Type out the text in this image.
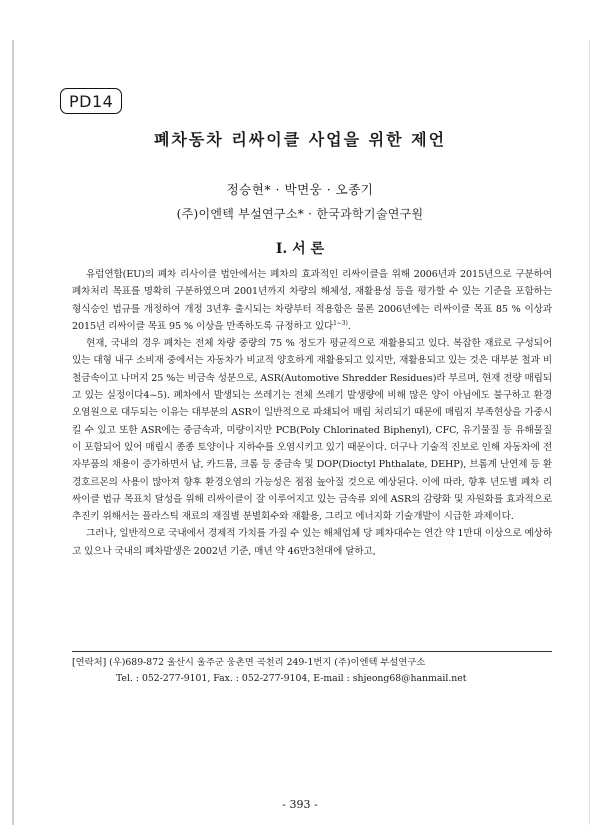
PD14
폐차동차 리싸이클 사업을 위한 제언
정승현* · 박면웅 · 오종기
(주)이엔텍 부설연구소* · 한국과학기술연구원
I. 서 론

유럽연합(EU)의 폐차 리사이클 법안에서는 폐차의 효과적인 리싸이클을 위해 2006년과 2015년으로 구분하여 폐차처리 목표를 명확히 구분하였으며 2001년까지 차량의 해체성, 재활용성 등을 평가할 수 있는 기준을 포함하는 형식승인 법규를 개정하여 개정 3년후 출시되는 차량부터 적용함은 물론 2006년에는 리싸이클 목표 85 % 이상과 2015년 리싸이클 목표 95 % 이상을 만족하도록 규정하고 있다$^{1\sim 3)}$.

현재, 국내의 경우 폐차는 전체 차량 중량의 75 % 정도가 평균적으로 재활용되고 있다. 복잡한 재료로 구성되어 있는 대형 내구 소비재 중에서는 자동차가 비교적 양호하게 재활용되고 있지만, 재활용되고 있는 것은 대부분 철과 비철금속이고 나머지 25 %는 비금속 성분으로, ASR(Automotive Shredder Residues)라 부르며, 현재 전량 매립되고 있는 실정이다4~5). 폐차에서 발생되는 쓰레기는 전체 쓰레기 발생량에 비해 많은 양이 아님에도 불구하고 환경오염원으로 대두되는 이유는 대부분의 ASR이 일반적으로 파쇄되어 매립 처리되기 때문에 매립지 부족현상을 가중시킬 수 있고 또한 ASR에는 중금속과, 미량이지만 PCB(Poly Chlorinated Biphenyl), CFC, 유기물질 등 유해물질이 포함되어 있어 매립시 종종 토양이나 지하수를 오염시키고 있기 때문이다. 더구나 기술적 진보로 인해 자동차에 전자부품의 채용이 증가하면서 납, 카드뮴, 크롬 등 중금속 및 DOP(Dioctyl Phthalate, DEHP), 브롬계 난연제 등 환경호르몬의 사용이 많아져 향후 환경오염의 가능성은 점점 높아질 것으로 예상된다. 이에 따라, 향후 년도별 폐차 리싸이클 법규 목표치 달성을 위해 리싸이클이 잘 이루어지고 있는 금속류 외에 ASR의 감량화 및 자원화를 효과적으로 추진키 위해서는 플라스틱 재료의 재질별 분별회수와 재활용, 그리고 에너지화 기술개발이 시급한 과제이다.

그러나, 일반적으로 국내에서 경제적 가치를 가질 수 있는 해체업체 당 폐차대수는 연간 약 1만대 이상으로 예상하고 있으나 국내의 폐차발생은 2002년 기준, 매년 약 46만3천대에 달하고,

[연락처] (우)689-872 울산시 울주군 웅촌면 곡천리 249-1번지 (주)이엔텍 부설연구소
Tel. : 052-277-9101, Fax. : 052-277-9104, E-mail : shjeong68@hanmail.net
- 393 -
